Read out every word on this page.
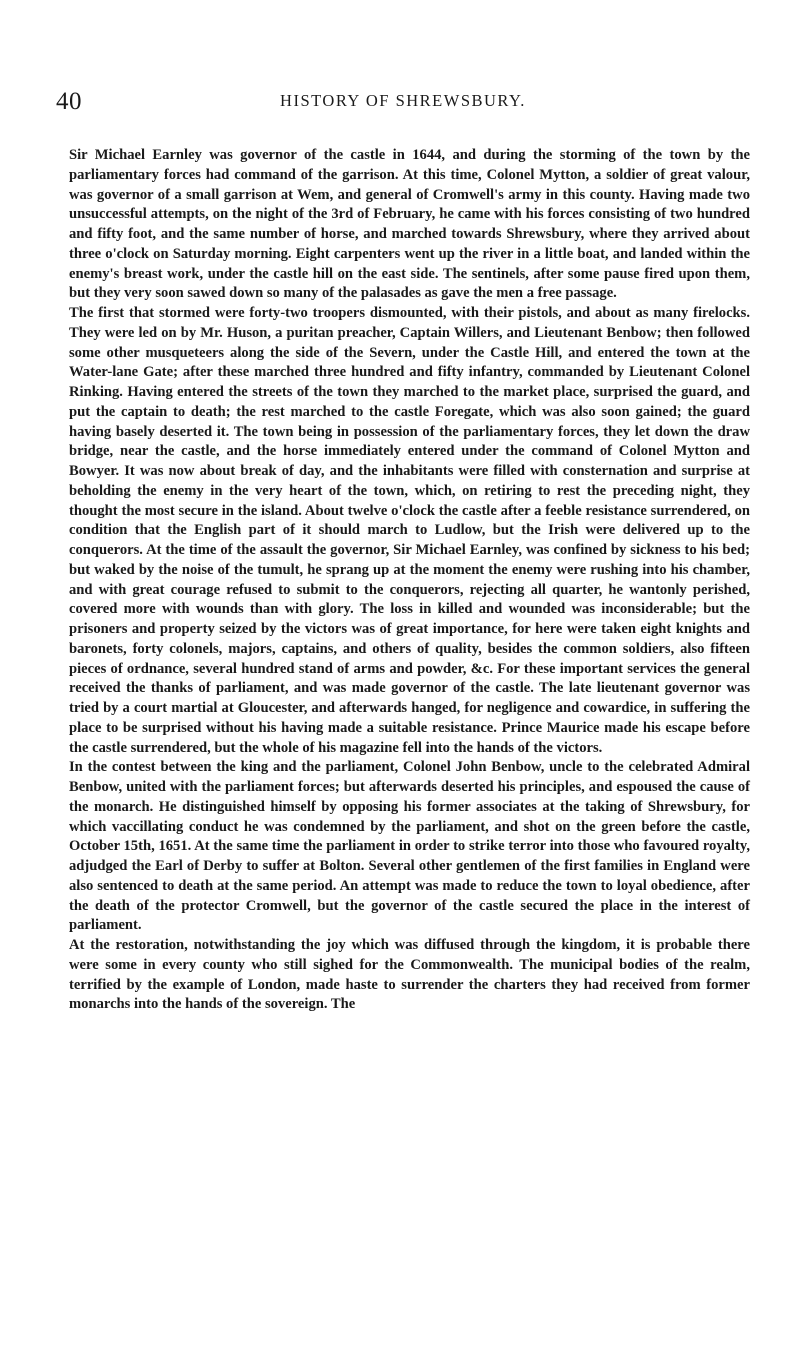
40	HISTORY OF SHREWSBURY.

Sir Michael Earnley was governor of the castle in 1644, and during the storming of the town by the parliamentary forces had command of the garrison. At this time, Colonel Mytton, a soldier of great valour, was governor of a small garrison at Wem, and general of Cromwell's army in this county. Having made two unsuccessful attempts, on the night of the 3rd of February, he came with his forces consisting of two hundred and fifty foot, and the same number of horse, and marched towards Shrewsbury, where they arrived about three o'clock on Saturday morning. Eight carpenters went up the river in a little boat, and landed within the enemy's breast work, under the castle hill on the east side. The sentinels, after some pause fired upon them, but they very soon sawed down so many of the palasades as gave the men a free passage.

The first that stormed were forty-two troopers dismounted, with their pistols, and about as many firelocks. They were led on by Mr. Huson, a puritan preacher, Captain Willers, and Lieutenant Benbow; then followed some other musqueteers along the side of the Severn, under the Castle Hill, and entered the town at the Water-lane Gate; after these marched three hundred and fifty infantry, commanded by Lieutenant Colonel Rinking. Having entered the streets of the town they marched to the market place, surprised the guard, and put the captain to death; the rest marched to the castle Foregate, which was also soon gained; the guard having basely deserted it. The town being in possession of the parliamentary forces, they let down the draw bridge, near the castle, and the horse immediately entered under the command of Colonel Mytton and Bowyer. It was now about break of day, and the inhabitants were filled with consternation and surprise at beholding the enemy in the very heart of the town, which, on retiring to rest the preceding night, they thought the most secure in the island. About twelve o'clock the castle after a feeble resistance surrendered, on condition that the English part of it should march to Ludlow, but the Irish were delivered up to the conquerors. At the time of the assault the governor, Sir Michael Earnley, was confined by sickness to his bed; but waked by the noise of the tumult, he sprang up at the moment the enemy were rushing into his chamber, and with great courage refused to submit to the conquerors, rejecting all quarter, he wantonly perished, covered more with wounds than with glory. The loss in killed and wounded was inconsiderable; but the prisoners and property seized by the victors was of great importance, for here were taken eight knights and baronets, forty colonels, majors, captains, and others of quality, besides the common soldiers, also fifteen pieces of ordnance, several hundred stand of arms and powder, &c. For these important services the general received the thanks of parliament, and was made governor of the castle. The late lieutenant governor was tried by a court martial at Gloucester, and afterwards hanged, for negligence and cowardice, in suffering the place to be surprised without his having made a suitable resistance. Prince Maurice made his escape before the castle surrendered, but the whole of his magazine fell into the hands of the victors.

In the contest between the king and the parliament, Colonel John Benbow, uncle to the celebrated Admiral Benbow, united with the parliament forces; but afterwards deserted his principles, and espoused the cause of the monarch. He distinguished himself by opposing his former associates at the taking of Shrewsbury, for which vaccillating conduct he was condemned by the parliament, and shot on the green before the castle, October 15th, 1651. At the same time the parliament in order to strike terror into those who favoured royalty, adjudged the Earl of Derby to suffer at Bolton. Several other gentlemen of the first families in England were also sentenced to death at the same period. An attempt was made to reduce the town to loyal obedience, after the death of the protector Cromwell, but the governor of the castle secured the place in the interest of parliament.

At the restoration, notwithstanding the joy which was diffused through the kingdom, it is probable there were some in every county who still sighed for the Commonwealth. The municipal bodies of the realm, terrified by the example of London, made haste to surrender the charters they had received from former monarchs into the hands of the sovereign. The
